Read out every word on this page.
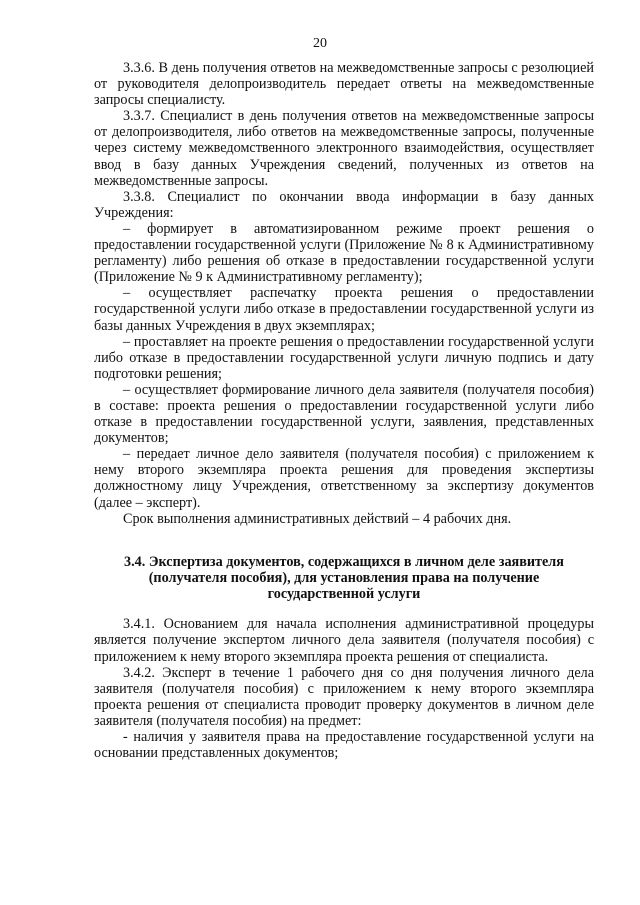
20

3.3.6. В день получения ответов на межведомственные запросы с резолюцией от руководителя делопроизводитель передает ответы на межведомственные запросы специалисту.

3.3.7. Специалист в день получения ответов на межведомственные запросы от делопроизводителя, либо ответов на межведомственные запросы, полученные через систему межведомственного электронного взаимодействия, осуществляет ввод в базу данных Учреждения сведений, полученных из ответов на межведомственные запросы.

3.3.8. Специалист по окончании ввода информации в базу данных Учреждения:

– формирует в автоматизированном режиме проект решения о предоставлении государственной услуги (Приложение № 8 к Административному регламенту) либо решения об отказе в предоставлении государственной услуги (Приложение № 9 к Административному регламенту);

– осуществляет распечатку проекта решения о предоставлении государственной услуги либо отказе в предоставлении государственной услуги из базы данных Учреждения в двух экземплярах;

– проставляет на проекте решения о предоставлении государственной услуги либо отказе в предоставлении государственной услуги личную подпись и дату подготовки решения;

– осуществляет формирование личного дела заявителя (получателя пособия) в составе: проекта решения о предоставлении государственной услуги либо отказе в предоставлении государственной услуги, заявления, представленных документов;

– передает личное дело заявителя (получателя пособия) с приложением к нему второго экземпляра проекта решения для проведения экспертизы должностному лицу Учреждения, ответственному за экспертизу документов (далее – эксперт).

Срок выполнения административных действий – 4 рабочих дня.

3.4. Экспертиза документов, содержащихся в личном деле заявителя
(получателя пособия), для установления права на получение
государственной услуги

3.4.1. Основанием для начала исполнения административной процедуры является получение экспертом личного дела заявителя (получателя пособия) с приложением к нему второго экземпляра проекта решения от специалиста.

3.4.2. Эксперт в течение 1 рабочего дня со дня получения личного дела заявителя (получателя пособия) с приложением к нему второго экземпляра проекта решения от специалиста проводит проверку документов в личном деле заявителя (получателя пособия) на предмет:

- наличия у заявителя права на предоставление государственной услуги на основании представленных документов;
